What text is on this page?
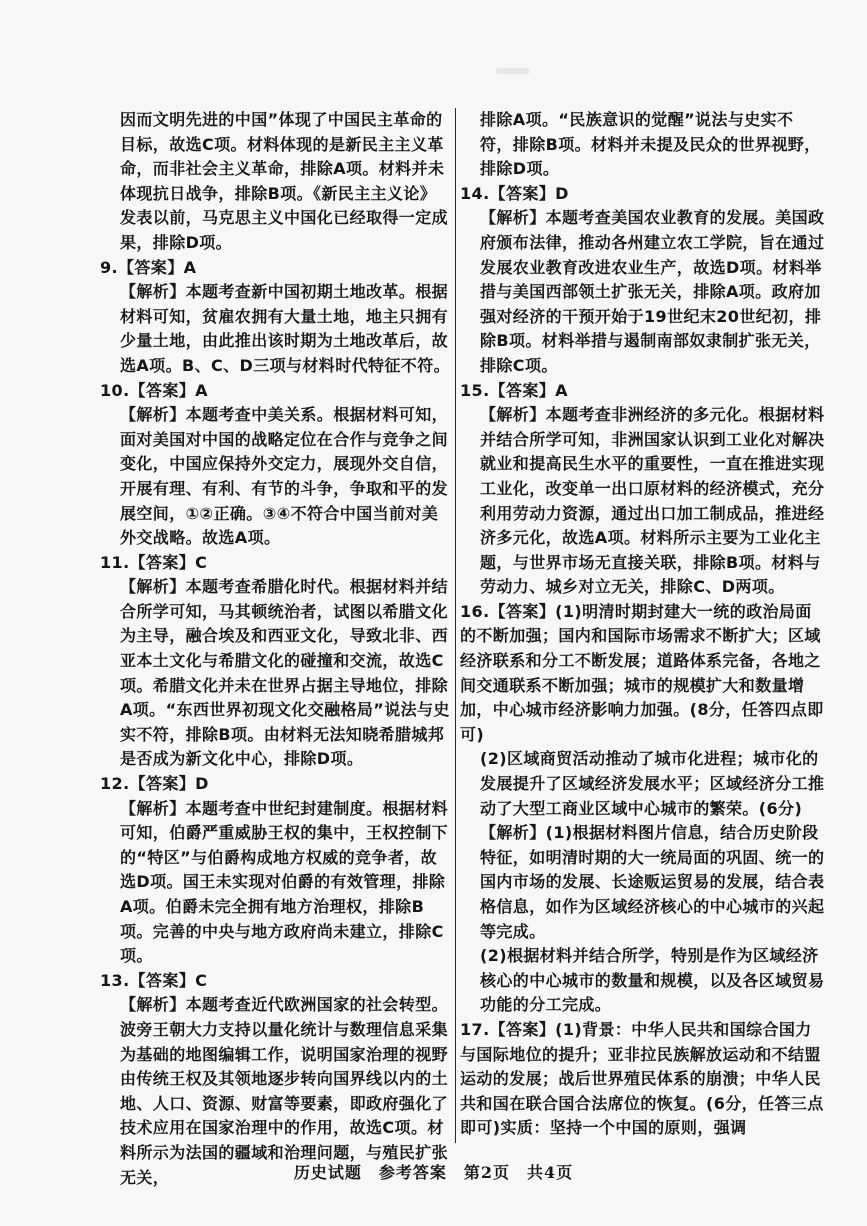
因而文明先进的中国”体现了中国民主革命的目标，故选C项。材料体现的是新民主主义革命，而非社会主义革命，排除A项。材料并未体现抗日战争，排除B项。《新民主主义论》发表以前，马克思主义中国化已经取得一定成果，排除D项。

9.【答案】A

【解析】本题考查新中国初期土地改革。根据材料可知，贫雇农拥有大量土地，地主只拥有少量土地，由此推出该时期为土地改革后，故选A项。B、C、D三项与材料时代特征不符。

10.【答案】A

【解析】本题考查中美关系。根据材料可知，面对美国对中国的战略定位在合作与竞争之间变化，中国应保持外交定力，展现外交自信，开展有理、有利、有节的斗争，争取和平的发展空间，①②正确。③④不符合中国当前对美外交战略。故选A项。

11.【答案】C

【解析】本题考查希腊化时代。根据材料并结合所学可知，马其顿统治者，试图以希腊文化为主导，融合埃及和西亚文化，导致北非、西亚本土文化与希腊文化的碰撞和交流，故选C项。希腊文化并未在世界占据主导地位，排除A项。“东西世界初现文化交融格局”说法与史实不符，排除B项。由材料无法知晓希腊城邦是否成为新文化中心，排除D项。

12.【答案】D

【解析】本题考查中世纪封建制度。根据材料可知，伯爵严重威胁王权的集中，王权控制下的“特区”与伯爵构成地方权威的竞争者，故选D项。国王未实现对伯爵的有效管理，排除A项。伯爵未完全拥有地方治理权，排除B项。完善的中央与地方政府尚未建立，排除C项。

13.【答案】C

【解析】本题考查近代欧洲国家的社会转型。波旁王朝大力支持以量化统计与数理信息采集为基础的地图编辑工作，说明国家治理的视野由传统王权及其领地逐步转向国界线以内的土地、人口、资源、财富等要素，即政府强化了技术应用在国家治理中的作用，故选C项。材料所示为法国的疆域和治理问题，与殖民扩张无关，

排除A项。“民族意识的觉醒”说法与史实不符，排除B项。材料并未提及民众的世界视野，排除D项。

14.【答案】D

【解析】本题考查美国农业教育的发展。美国政府颁布法律，推动各州建立农工学院，旨在通过发展农业教育改进农业生产，故选D项。材料举措与美国西部领土扩张无关，排除A项。政府加强对经济的干预开始于19世纪末20世纪初，排除B项。材料举措与遏制南部奴隶制扩张无关，排除C项。

15.【答案】A

【解析】本题考查非洲经济的多元化。根据材料并结合所学可知，非洲国家认识到工业化对解决就业和提高民生水平的重要性，一直在推进实现工业化，改变单一出口原材料的经济模式，充分利用劳动力资源，通过出口加工制成品，推进经济多元化，故选A项。材料所示主要为工业化主题，与世界市场无直接关联，排除B项。材料与劳动力、城乡对立无关，排除C、D两项。

16.【答案】(1)明清时期封建大一统的政治局面的不断加强；国内和国际市场需求不断扩大；区域经济联系和分工不断发展；道路体系完备，各地之间交通联系不断加强；城市的规模扩大和数量增加，中心城市经济影响力加强。(8分，任答四点即可)

(2)区域商贸活动推动了城市化进程；城市化的发展提升了区域经济发展水平；区域经济分工推动了大型工商业区域中心城市的繁荣。(6分)

【解析】(1)根据材料图片信息，结合历史阶段特征，如明清时期的大一统局面的巩固、统一的国内市场的发展、长途贩运贸易的发展，结合表格信息，如作为区域经济核心的中心城市的兴起等完成。

(2)根据材料并结合所学，特别是作为区域经济核心的中心城市的数量和规模，以及各区域贸易功能的分工完成。

17.【答案】(1)背景：中华人民共和国综合国力与国际地位的提升；亚非拉民族解放运动和不结盟运动的发展；战后世界殖民体系的崩溃；中华人民共和国在联合国合法席位的恢复。(6分，任答三点即可)实质：坚持一个中国的原则，强调

历史试题　参考答案　第2页　共4页
